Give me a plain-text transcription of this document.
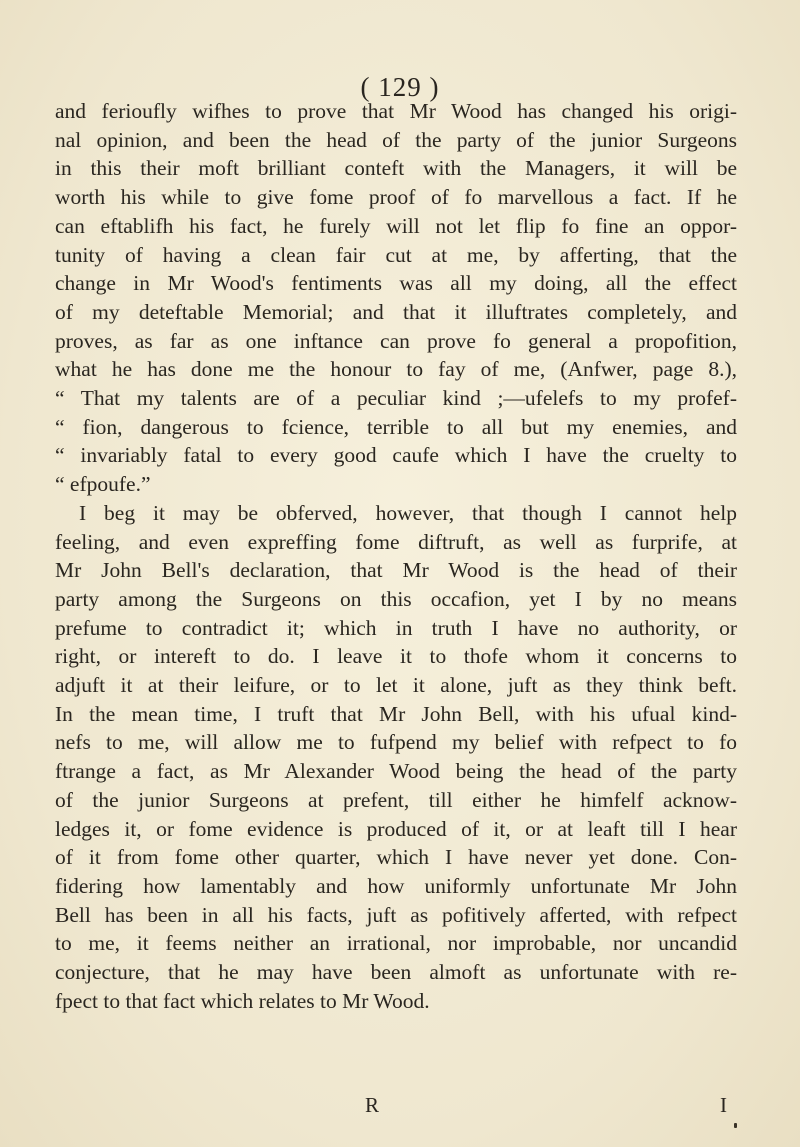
( 129 )
and ferioufly wifhes to prove that Mr Wood has changed his origi-
nal opinion, and been the head of the party of the junior Surgeons
in this their moft brilliant conteft with the Managers, it will be
worth his while to give fome proof of fo marvellous a fact. If he
can eftablifh his fact, he furely will not let flip fo fine an oppor-
tunity of having a clean fair cut at me, by afferting, that the
change in Mr Wood's fentiments was all my doing, all the effect
of my deteftable Memorial; and that it illuftrates completely, and
proves, as far as one inftance can prove fo general a propofition,
what he has done me the honour to fay of me, (Anfwer, page 8.),
“ That my talents are of a peculiar kind ;—ufelefs to my profef-
“ fion, dangerous to fcience, terrible to all but my enemies, and
“ invariably fatal to every good caufe which I have the cruelty to
“ efpoufe.”
I beg it may be obferved, however, that though I cannot help
feeling, and even expreffing fome diftruft, as well as furprife, at
Mr John Bell's declaration, that Mr Wood is the head of their
party among the Surgeons on this occafion, yet I by no means
prefume to contradict it; which in truth I have no authority, or
right, or intereft to do. I leave it to thofe whom it concerns to
adjuft it at their leifure, or to let it alone, juft as they think beft.
In the mean time, I truft that Mr John Bell, with his ufual kind-
nefs to me, will allow me to fufpend my belief with refpect to fo
ftrange a fact, as Mr Alexander Wood being the head of the party
of the junior Surgeons at prefent, till either he himfelf acknow-
ledges it, or fome evidence is produced of it, or at leaft till I hear
of it from fome other quarter, which I have never yet done. Con-
fidering how lamentably and how uniformly unfortunate Mr John
Bell has been in all his facts, juft as pofitively afferted, with refpect
to me, it feems neither an irrational, nor improbable, nor uncandid
conjecture, that he may have been almoft as unfortunate with re-
fpect to that fact which relates to Mr Wood.
R	I
